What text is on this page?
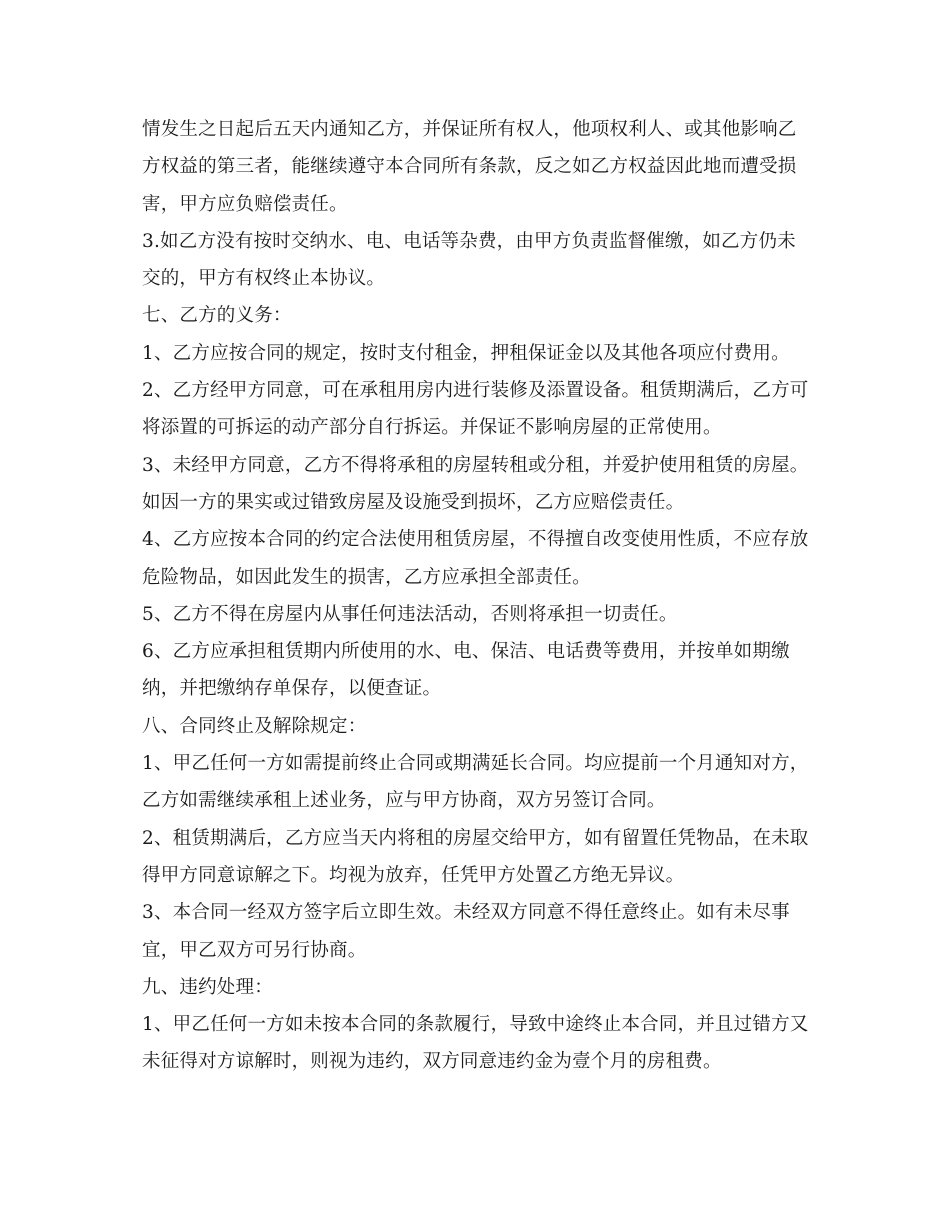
情发生之日起后五天内通知乙方，并保证所有权人，他项权利人、或其他影响乙
方权益的第三者，能继续遵守本合同所有条款，反之如乙方权益因此地而遭受损
害，甲方应负赔偿责任。
3.如乙方没有按时交纳水、电、电话等杂费，由甲方负责监督催缴，如乙方仍未
交的，甲方有权终止本协议。
七、乙方的义务：
1、乙方应按合同的规定，按时支付租金，押租保证金以及其他各项应付费用。
2、乙方经甲方同意，可在承租用房内进行装修及添置设备。租赁期满后，乙方可
将添置的可拆运的动产部分自行拆运。并保证不影响房屋的正常使用。
3、未经甲方同意，乙方不得将承租的房屋转租或分租，并爱护使用租赁的房屋。
如因一方的果实或过错致房屋及设施受到损坏，乙方应赔偿责任。
4、乙方应按本合同的约定合法使用租赁房屋，不得擅自改变使用性质，不应存放
危险物品，如因此发生的损害，乙方应承担全部责任。
5、乙方不得在房屋内从事任何违法活动，否则将承担一切责任。
6、乙方应承担租赁期内所使用的水、电、保洁、电话费等费用，并按单如期缴
纳，并把缴纳存单保存，以便查证。
八、合同终止及解除规定：
1、甲乙任何一方如需提前终止合同或期满延长合同。均应提前一个月通知对方，
乙方如需继续承租上述业务，应与甲方协商，双方另签订合同。
2、租赁期满后，乙方应当天内将租的房屋交给甲方，如有留置任凭物品，在未取
得甲方同意谅解之下。均视为放弃，任凭甲方处置乙方绝无异议。
3、本合同一经双方签字后立即生效。未经双方同意不得任意终止。如有未尽事
宜，甲乙双方可另行协商。
九、违约处理：
1、甲乙任何一方如未按本合同的条款履行，导致中途终止本合同，并且过错方又
未征得对方谅解时，则视为违约，双方同意违约金为壹个月的房租费。
